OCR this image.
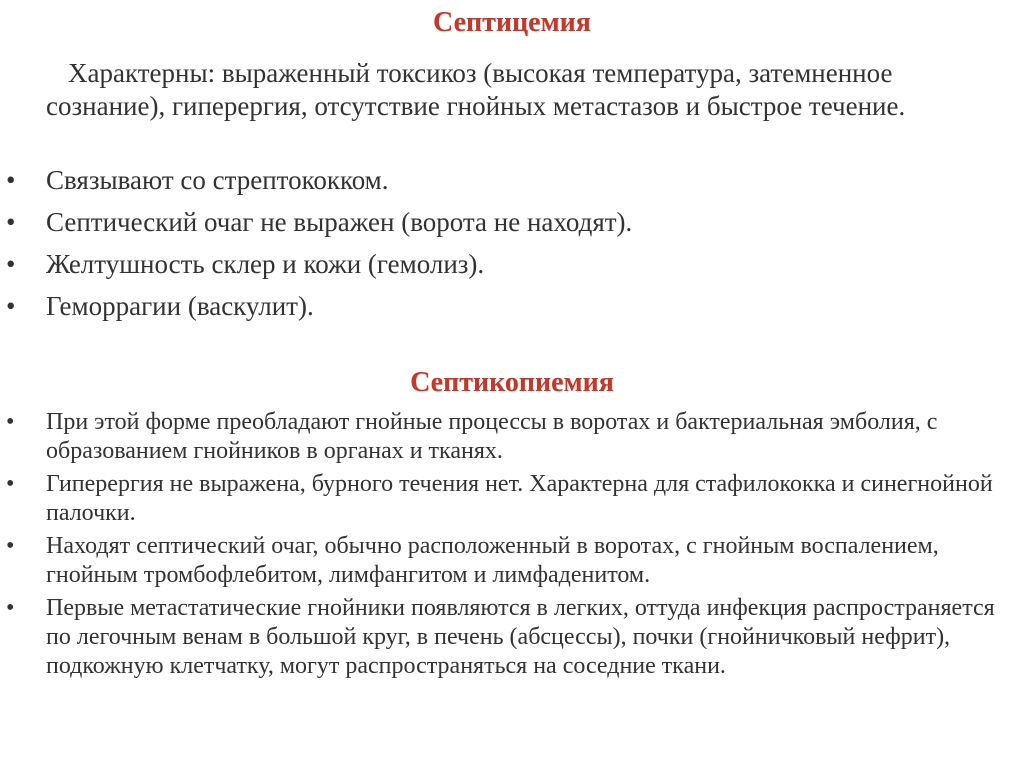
Септицемия
Характерны: выраженный токсикоз (высокая температура, затемненное сознание), гиперергия, отсутствие гнойных метастазов и быстрое течение.
• Связывают со стрептококком.
• Септический очаг не выражен (ворота не находят).
• Желтушность склер и кожи (гемолиз).
• Геморрагии (васкулит).
Септикопиемия
• При этой форме преобладают гнойные процессы в воротах и бактериальная эмболия, с образованием гнойников в органах и тканях.
• Гиперергия не выражена, бурного течения нет. Характерна для стафилококка и синегнойной палочки.
• Находят септический очаг, обычно расположенный в воротах, с гнойным воспалением, гнойным тромбофлебитом, лимфангитом и лимфаденитом.
• Первые метастатические гнойники появляются в легких, оттуда инфекция распространяется по легочным венам в большой круг, в печень (абсцессы), почки (гнойничковый нефрит), подкожную клетчатку, могут распространяться на соседние ткани.
